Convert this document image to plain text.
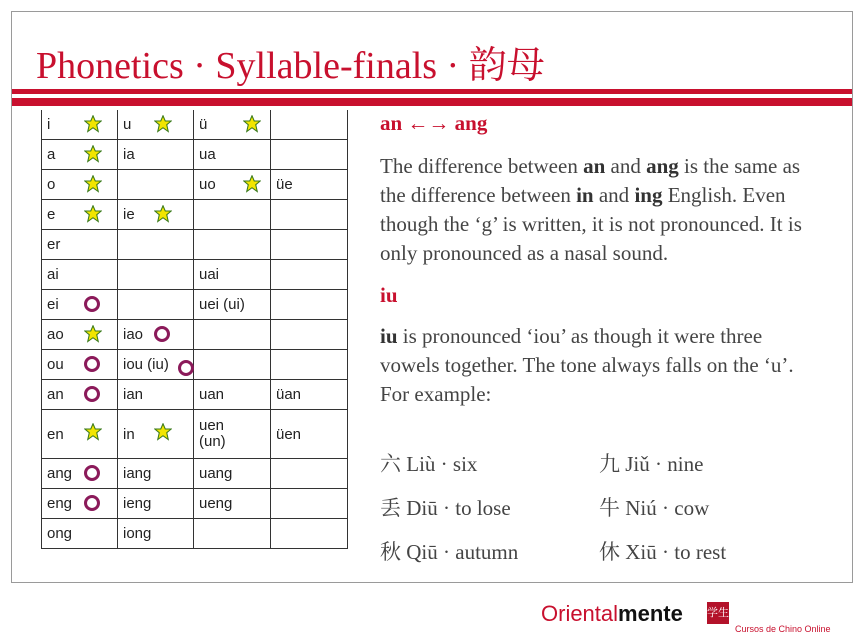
Phonetics · Syllable-finals · 韵母
i	u	ü

a	ia	ua	
o		uo	üe
e	ie

er			
ai		uai	
ei		uei (ui)	
ao	iao

ou	iou (iu)

an	ian	uan	üan
en	in	uen (un)	üen
ang	iang	uang	
eng	ieng	ueng	
ong	iong		
an ←→ ang

The difference between an and ang is the same as the difference between in and ing English. Even though the ‘g’ is written, it is not pronounced. It is only pronounced as a nasal sound.

iu

iu is pronounced ‘iou’ as though it were three vowels together. The tone always falls on the ‘u’. For example:

六 Liù · six	九 Jiǔ · nine
丢 Diū · to lose	牛 Niú · cow
秋 Qiū · autumn	休 Xiū · to rest
Orientalmente 学生
Cursos de Chino Online
